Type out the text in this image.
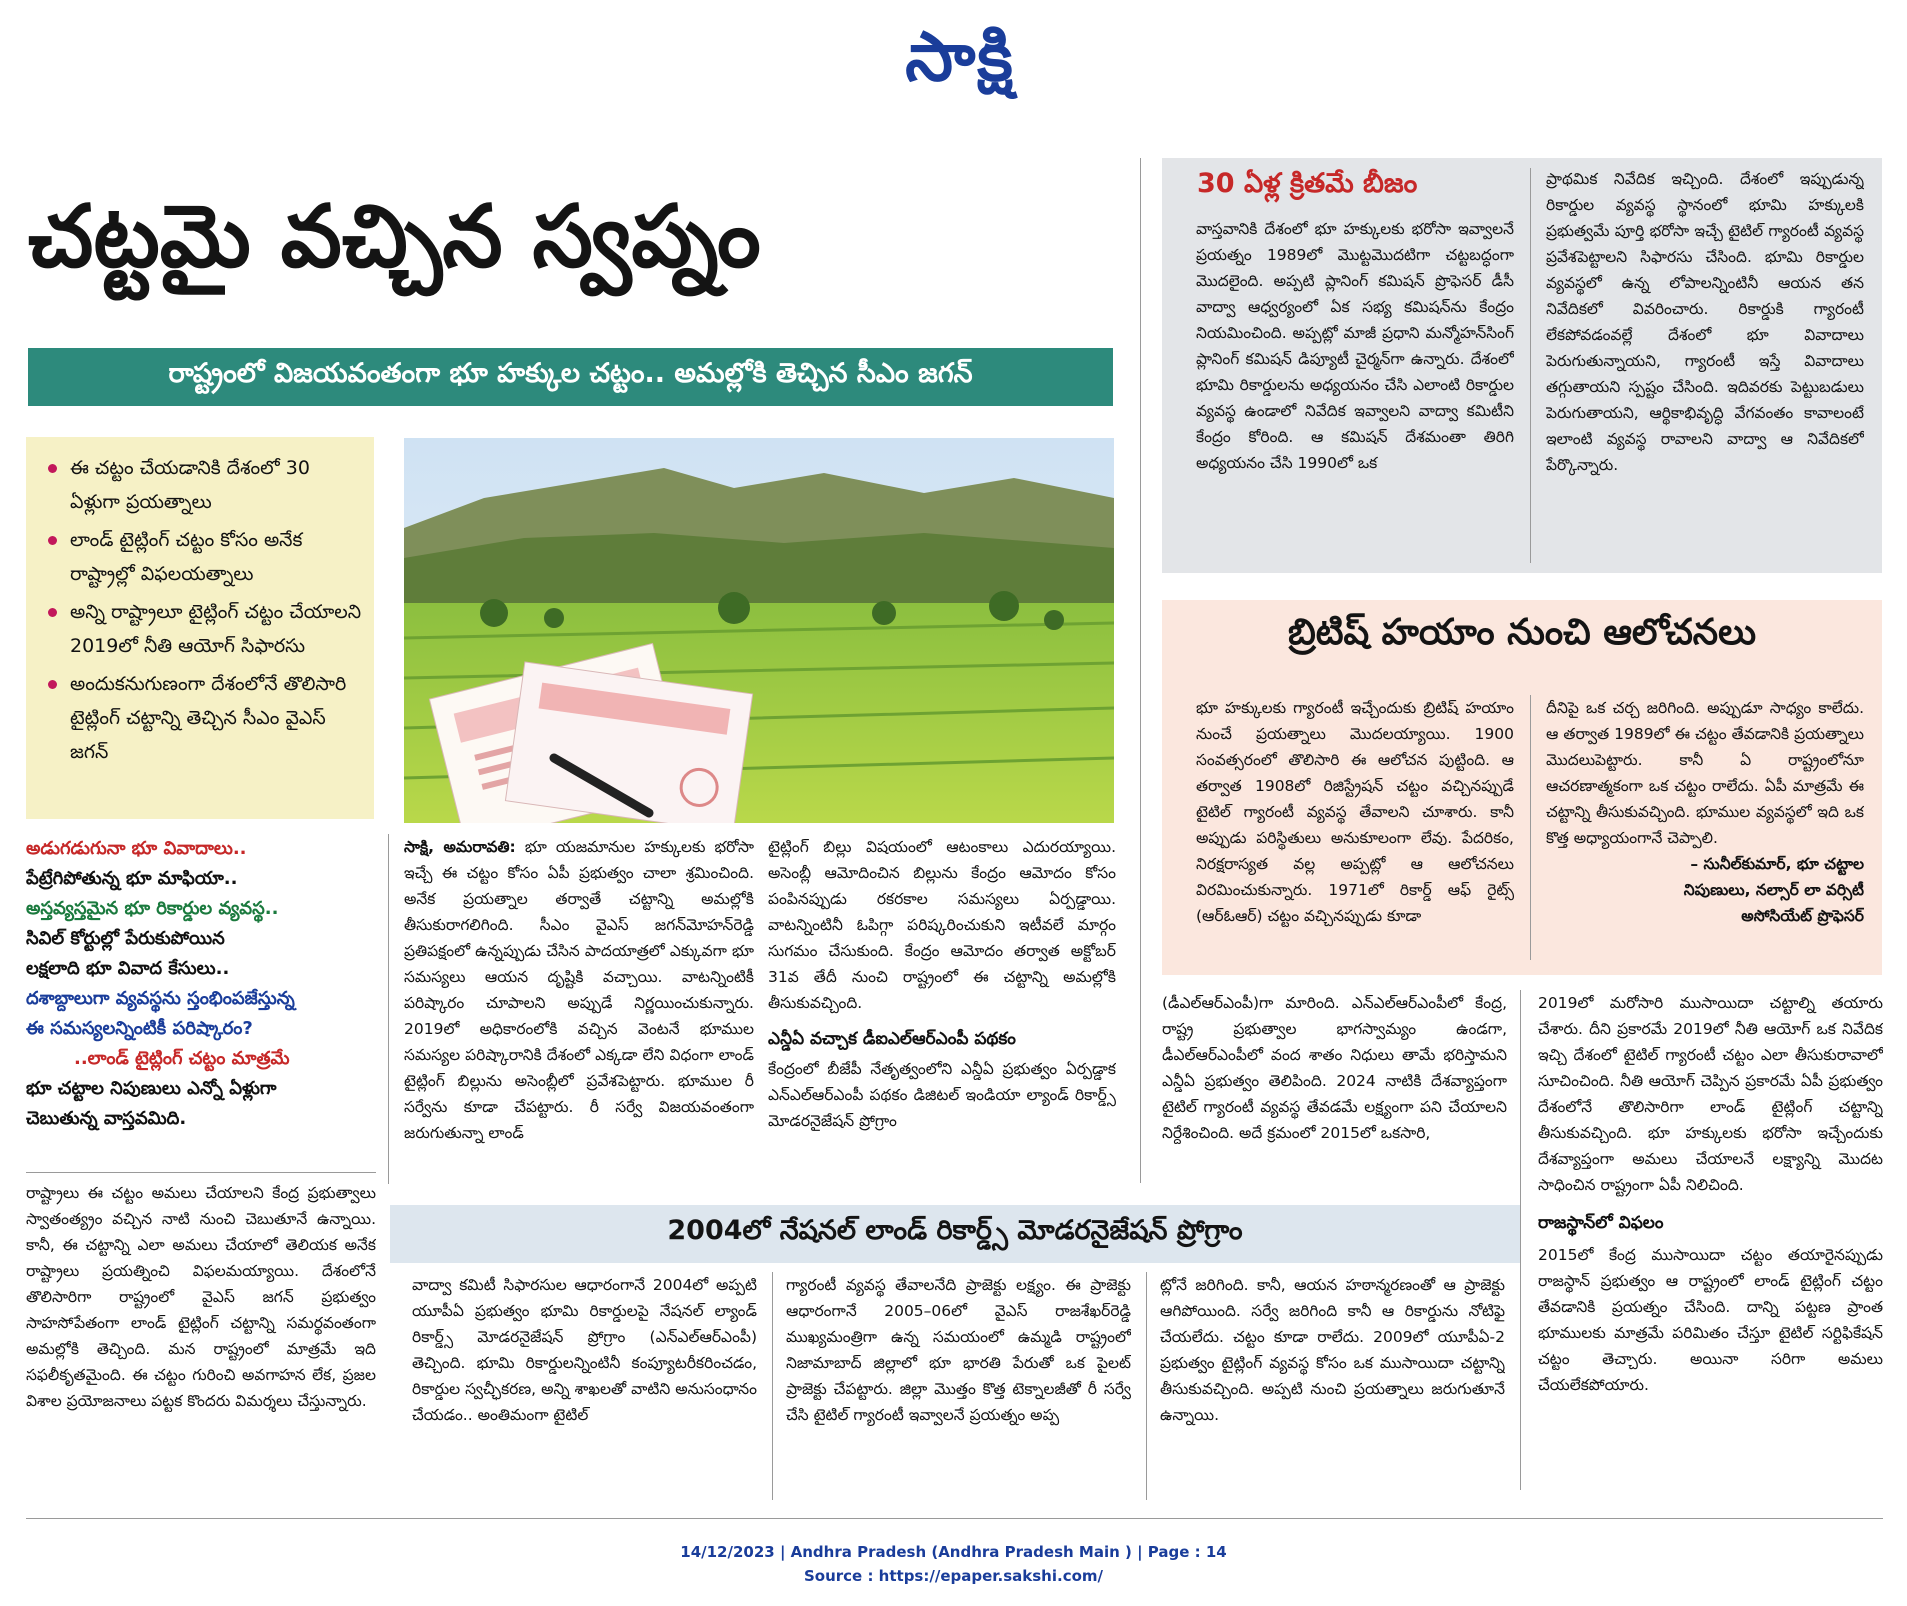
సాక్షి
చట్టమై వచ్చిన స్వప్నం
రాష్ట్రంలో విజయవంతంగా భూ హక్కుల చట్టం.. అమల్లోకి తెచ్చిన సీఎం జగన్
ఈ చట్టం చేయడానికి దేశంలో 30 ఏళ్లుగా ప్రయత్నాలు
లాండ్ టైట్లింగ్ చట్టం కోసం అనేక రాష్ట్రాల్లో విఫలయత్నాలు
అన్ని రాష్ట్రాలూ టైట్లింగ్ చట్టం చేయాలని 2019లో నీతి ఆయోగ్ సిఫారసు
అందుకనుగుణంగా దేశంలోనే తొలిసారి టైట్లింగ్ చట్టాన్ని తెచ్చిన సీఎం వైఎస్ జగన్
అడుగడుగునా భూ వివాదాలు..
పేట్రేగిపోతున్న భూ మాఫియా..
అస్తవ్యస్తమైన భూ రికార్డుల వ్యవస్థ..
సివిల్ కోర్టుల్లో పేరుకుపోయిన
లక్షలాది భూ వివాద కేసులు..
దశాబ్దాలుగా వ్యవస్థను స్తంభింపజేస్తున్న
ఈ సమస్యలన్నింటికీ పరిష్కారం?
..లాండ్ టైట్లింగ్ చట్టం మాత్రమే
భూ చట్టాల నిపుణులు ఎన్నో ఏళ్లుగా
చెబుతున్న వాస్తవమిది.

రాష్ట్రాలు ఈ చట్టం అమలు చేయాలని కేంద్ర ప్రభుత్వాలు స్వాతంత్య్రం వచ్చిన నాటి నుంచి చెబుతూనే ఉన్నాయి. కానీ, ఈ చట్టాన్ని ఎలా అమలు చేయాలో తెలియక అనేక రాష్ట్రాలు ప్రయత్నించి విఫలమయ్యాయి. దేశంలోనే తొలిసారిగా రాష్ట్రంలో వైఎస్ జగన్ ప్రభుత్వం సాహసోపేతంగా లాండ్ టైట్లింగ్ చట్టాన్ని సమర్థవంతంగా అమల్లోకి తెచ్చింది. మన రాష్ట్రంలో మాత్రమే ఇది సఫలీకృతమైంది. ఈ చట్టం గురించి అవగాహన లేక, ప్రజల విశాల ప్రయోజనాలు పట్టక కొందరు విమర్శలు చేస్తున్నారు.

సాక్షి, అమరావతి: భూ యజమానుల హక్కులకు భరోసా ఇచ్చే ఈ చట్టం కోసం ఏపీ ప్రభుత్వం చాలా శ్రమించింది. అనేక ప్రయత్నాల తర్వాతే చట్టాన్ని అమల్లోకి తీసుకురాగలిగింది. సీఎం వైఎస్ జగన్‌మోహన్‌రెడ్డి ప్రతిపక్షంలో ఉన్నప్పుడు చేసిన పాదయాత్రలో ఎక్కువగా భూ సమస్యలు ఆయన దృష్టికి వచ్చాయి. వాటన్నింటికీ పరిష్కారం చూపాలని అప్పుడే నిర్ణయించుకున్నారు. 2019లో అధికారంలోకి వచ్చిన వెంటనే భూముల సమస్యల పరిష్కారానికి దేశంలో ఎక్కడా లేని విధంగా లాండ్ టైట్లింగ్ బిల్లును అసెంబ్లీలో ప్రవేశపెట్టారు. భూముల రీ సర్వేను కూడా చేపట్టారు. రీ సర్వే విజయవంతంగా జరుగుతున్నా లాండ్

టైట్లింగ్ బిల్లు విషయంలో ఆటంకాలు ఎదురయ్యాయి. అసెంబ్లీ ఆమోదించిన బిల్లును కేంద్రం ఆమోదం కోసం పంపినప్పుడు రకరకాల సమస్యలు ఏర్పడ్డాయి. వాటన్నింటినీ ఓపిగ్గా పరిష్కరించుకుని ఇటీవలే మార్గం సుగమం చేసుకుంది. కేంద్రం ఆమోదం తర్వాత అక్టోబర్ 31వ తేదీ నుంచి రాష్ట్రంలో ఈ చట్టాన్ని అమల్లోకి తీసుకువచ్చింది.

ఎన్డీఏ వచ్చాక డీఐఎల్ఆర్ఎంపీ పథకం

కేంద్రంలో బీజేపీ నేతృత్వంలోని ఎన్డీఏ ప్రభుత్వం ఏర్పడ్డాక ఎన్ఎల్ఆర్ఎంపీ పథకం డిజిటల్ ఇండియా ల్యాండ్ రికార్డ్స్ మోడరనైజేషన్ ప్రోగ్రాం

30 ఏళ్ల క్రితమే బీజం

వాస్తవానికి దేశంలో భూ హక్కులకు భరోసా ఇవ్వాలనే ప్రయత్నం 1989లో మొట్టమొదటిగా చట్టబద్ధంగా మొదలైంది. అప్పటి ప్లానింగ్ కమిషన్ ప్రొఫెసర్ డీసీ వాద్వా ఆధ్వర్యంలో ఏక సభ్య కమిషన్‌ను కేంద్రం నియమించింది. అప్పట్లో మాజీ ప్రధాని మన్మోహన్‌సింగ్ ప్లానింగ్ కమిషన్ డిప్యూటీ చైర్మన్‌గా ఉన్నారు. దేశంలో భూమి రికార్డులను అధ్యయనం చేసి ఎలాంటి రికార్డుల వ్యవస్థ ఉండాలో నివేదిక ఇవ్వాలని వాద్వా కమిటీని కేంద్రం కోరింది. ఆ కమిషన్ దేశమంతా తిరిగి అధ్యయనం చేసి 1990లో ఒక

ప్రాథమిక నివేదిక ఇచ్చింది. దేశంలో ఇప్పుడున్న రికార్డుల వ్యవస్థ స్థానంలో భూమి హక్కులకి ప్రభుత్వమే పూర్తి భరోసా ఇచ్చే టైటిల్ గ్యారంటీ వ్యవస్థ ప్రవేశపెట్టాలని సిఫారసు చేసింది. భూమి రికార్డుల వ్యవస్థలో ఉన్న లోపాలన్నింటినీ ఆయన తన నివేదికలో వివరించారు. రికార్డుకి గ్యారంటీ లేకపోవడంవల్లే దేశంలో భూ వివాదాలు పెరుగుతున్నాయని, గ్యారంటీ ఇస్తే వివాదాలు తగ్గుతాయని స్పష్టం చేసింది. ఇదివరకు పెట్టుబడులు పెరుగుతాయని, ఆర్థికాభివృద్ధి వేగవంతం కావాలంటే ఇలాంటి వ్యవస్థ రావాలని వాద్వా ఆ నివేదికలో పేర్కొన్నారు.

బ్రిటిష్ హయాం నుంచి ఆలోచనలు

భూ హక్కులకు గ్యారంటీ ఇచ్చేందుకు బ్రిటిష్ హయాం నుంచే ప్రయత్నాలు మొదలయ్యాయి. 1900 సంవత్సరంలో తొలిసారి ఈ ఆలోచన పుట్టింది. ఆ తర్వాత 1908లో రిజిస్ట్రేషన్ చట్టం వచ్చినప్పుడే టైటిల్ గ్యారంటీ వ్యవస్థ తేవాలని చూశారు. కానీ అప్పుడు పరిస్థితులు అనుకూలంగా లేవు. పేదరికం, నిరక్షరాస్యత వల్ల అప్పట్లో ఆ ఆలోచనలు విరమించుకున్నారు. 1971లో రికార్డ్ ఆఫ్ రైట్స్ (ఆర్ఓఆర్) చట్టం వచ్చినప్పుడు కూడా

దీనిపై ఒక చర్చ జరిగింది. అప్పుడూ సాధ్యం కాలేదు. ఆ తర్వాత 1989లో ఈ చట్టం తేవడానికి ప్రయత్నాలు మొదలుపెట్టారు. కానీ ఏ రాష్ట్రంలోనూ ఆచరణాత్మకంగా ఒక చట్టం రాలేదు. ఏపీ మాత్రమే ఈ చట్టాన్ని తీసుకువచ్చింది. భూముల వ్యవస్థలో ఇది ఒక కొత్త అధ్యాయంగానే చెప్పాలి.

– సునీల్‌కుమార్, భూ చట్టాల

నిపుణులు, నల్సార్ లా వర్సిటీ

అసోసియేట్ ప్రొఫెసర్

(డీఎల్ఆర్ఎంపీ)గా మారింది. ఎన్ఎల్ఆర్ఎంపీలో కేంద్ర, రాష్ట్ర ప్రభుత్వాల భాగస్వామ్యం ఉండగా, డీఎల్ఆర్ఎంపీలో వంద శాతం నిధులు తామే భరిస్తామని ఎన్డీఏ ప్రభుత్వం తెలిపింది. 2024 నాటికి దేశవ్యాప్తంగా టైటిల్ గ్యారంటీ వ్యవస్థ తేవడమే లక్ష్యంగా పని చేయాలని నిర్దేశించింది. అదే క్రమంలో 2015లో ఒకసారి,

2019లో మరోసారి ముసాయిదా చట్టాల్ని తయారు చేశారు. దీని ప్రకారమే 2019లో నీతి ఆయోగ్ ఒక నివేదిక ఇచ్చి దేశంలో టైటిల్ గ్యారంటీ చట్టం ఎలా తీసుకురావాలో సూచించింది. నీతి ఆయోగ్ చెప్పిన ప్రకారమే ఏపీ ప్రభుత్వం దేశంలోనే తొలిసారిగా లాండ్ టైట్లింగ్ చట్టాన్ని తీసుకువచ్చింది. భూ హక్కులకు భరోసా ఇచ్చేందుకు దేశవ్యాప్తంగా అమలు చేయాలనే లక్ష్యాన్ని మొదట సాధించిన రాష్ట్రంగా ఏపీ నిలిచింది.

రాజస్థాన్‌లో విఫలం

2015లో కేంద్ర ముసాయిదా చట్టం తయారైనప్పుడు రాజస్థాన్ ప్రభుత్వం ఆ రాష్ట్రంలో లాండ్ టైట్లింగ్ చట్టం తేవడానికి ప్రయత్నం చేసింది. దాన్ని పట్టణ ప్రాంత భూములకు మాత్రమే పరిమితం చేస్తూ టైటిల్ సర్టిఫికేషన్ చట్టం తెచ్చారు. అయినా సరిగా అమలు చేయలేకపోయారు.

2004లో నేషనల్ లాండ్ రికార్డ్స్ మోడరనైజేషన్ ప్రోగ్రాం

వాద్వా కమిటీ సిఫారసుల ఆధారంగానే 2004లో అప్పటి యూపీఏ ప్రభుత్వం భూమి రికార్డులపై నేషనల్ ల్యాండ్ రికార్డ్స్ మోడరనైజేషన్ ప్రోగ్రాం (ఎన్ఎల్ఆర్ఎంపీ) తెచ్చింది. భూమి రికార్డులన్నింటినీ కంప్యూటరీకరించడం, రికార్డుల స్వచ్ఛీకరణ, అన్ని శాఖలతో వాటిని అనుసంధానం చేయడం.. అంతిమంగా టైటిల్

గ్యారంటీ వ్యవస్థ తేవాలనేది ప్రాజెక్టు లక్ష్యం. ఈ ప్రాజెక్టు ఆధారంగానే 2005–06లో వైఎస్ రాజశేఖర్‌రెడ్డి ముఖ్యమంత్రిగా ఉన్న సమయంలో ఉమ్మడి రాష్ట్రంలో నిజామాబాద్ జిల్లాలో భూ భారతి పేరుతో ఒక పైలట్ ప్రాజెక్టు చేపట్టారు. జిల్లా మొత్తం కొత్త టెక్నాలజీతో రీ సర్వే చేసి టైటిల్ గ్యారంటీ ఇవ్వాలనే ప్రయత్నం అప్ప

ట్లోనే జరిగింది. కానీ, ఆయన హఠాన్మరణంతో ఆ ప్రాజెక్టు ఆగిపోయింది. సర్వే జరిగింది కానీ ఆ రికార్డును నోటిఫై చేయలేదు. చట్టం కూడా రాలేదు. 2009లో యూపీఏ-2 ప్రభుత్వం టైట్లింగ్ వ్యవస్థ కోసం ఒక ముసాయిదా చట్టాన్ని తీసుకువచ్చింది. అప్పటి నుంచి ప్రయత్నాలు జరుగుతూనే ఉన్నాయి.

14/12/2023 | Andhra Pradesh (Andhra Pradesh Main ) | Page : 14
Source : https://epaper.sakshi.com/
